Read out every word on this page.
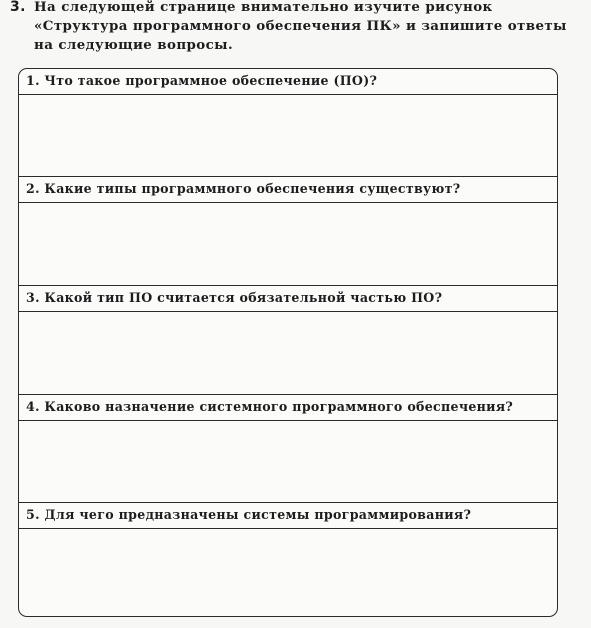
3. На следующей странице внимательно изучите рисунок «Структура программного обеспечения ПК» и запишите ответы на следующие вопросы.
1. Что такое программное обеспечение (ПО)?
2. Какие типы программного обеспечения существуют?
3. Какой тип ПО считается обязательной частью ПО?
4. Каково назначение системного программного обеспечения?
5. Для чего предназначены системы программирования?
